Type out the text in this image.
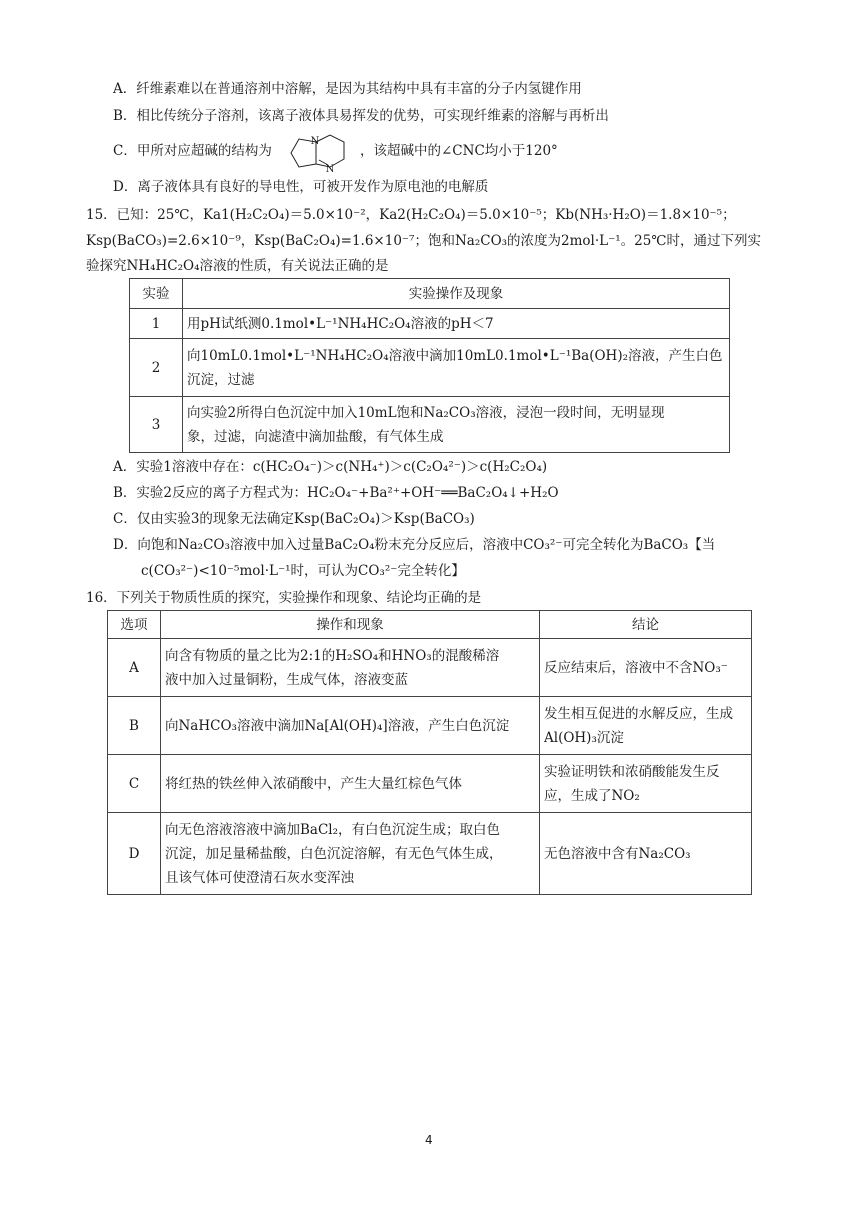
A．纤维素难以在普通溶剂中溶解，是因为其结构中具有丰富的分子内氢键作用
B．相比传统分子溶剂，该离子液体具易挥发的优势，可实现纤维素的溶解与再析出
C．甲所对应超碱的结构为
N
N
，该超碱中的∠CNC均小于120°
D．离子液体具有良好的导电性，可被开发作为原电池的电解质
15．已知：25℃，Ka1(H₂C₂O₄)＝5.0×10⁻²，Ka2(H₂C₂O₄)＝5.0×10⁻⁵；Kb(NH₃·H₂O)＝1.8×10⁻⁵；
Ksp(BaCO₃)=2.6×10⁻⁹，Ksp(BaC₂O₄)=1.6×10⁻⁷；饱和Na₂CO₃的浓度为2mol·L⁻¹。25℃时，通过下列实
验探究NH₄HC₂O₄溶液的性质，有关说法正确的是
实验	实验操作及现象
1	用pH试纸测0.1mol•L⁻¹NH₄HC₂O₄溶液的pH＜7

2	向10mL0.1mol•L⁻¹NH₄HC₂O₄溶液中滴加10mL0.1mol•L⁻¹Ba(OH)₂溶液，产生白色
沉淀，过滤

3	向实验2所得白色沉淀中加入10mL饱和Na₂CO₃溶液，浸泡一段时间，无明显现
象，过滤，向滤渣中滴加盐酸，有气体生成
A．实验1溶液中存在：c(HC₂O₄⁻)＞c(NH₄⁺)＞c(C₂O₄²⁻)＞c(H₂C₂O₄)
B．实验2反应的离子方程式为：HC₂O₄⁻+Ba²⁺+OH⁻══BaC₂O₄↓+H₂O
C．仅由实验3的现象无法确定Ksp(BaC₂O₄)＞Ksp(BaCO₃)
D．向饱和Na₂CO₃溶液中加入过量BaC₂O₄粉末充分反应后，溶液中CO₃²⁻可完全转化为BaCO₃【当
c(CO₃²⁻)<10⁻⁵mol·L⁻¹时，可认为CO₃²⁻完全转化】
16．下列关于物质性质的探究，实验操作和现象、结论均正确的是
选项	操作和现象	结论
A	向含有物质的量之比为2:1的H₂SO₄和HNO₃的混酸稀溶
液中加入过量铜粉，生成气体，溶液变蓝	反应结束后，溶液中不含NO₃⁻

B	向NaHCO₃溶液中滴加Na[Al(OH)₄]溶液，产生白色沉淀	发生相互促进的水解反应，生成
Al(OH)₃沉淀

C	将红热的铁丝伸入浓硝酸中，产生大量红棕色气体	实验证明铁和浓硝酸能发生反
应，生成了NO₂

D	向无色溶液溶液中滴加BaCl₂，有白色沉淀生成；取白色
沉淀，加足量稀盐酸，白色沉淀溶解，有无色气体生成，
且该气体可使澄清石灰水变浑浊	无色溶液中含有Na₂CO₃
4
